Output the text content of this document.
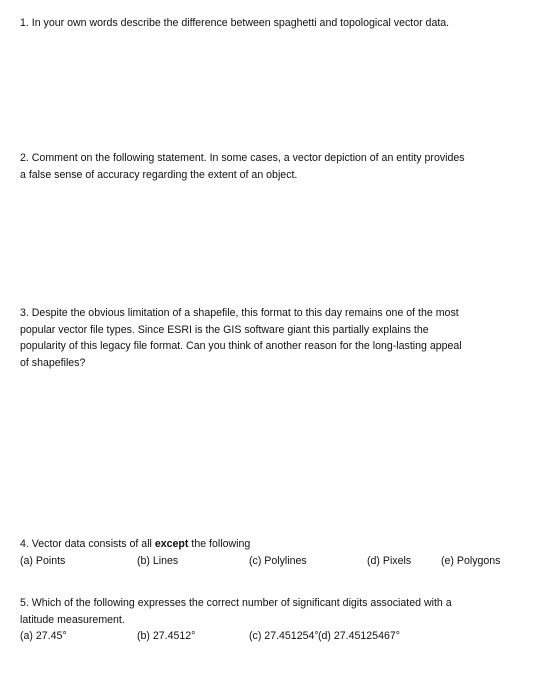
1. In your own words describe the difference between spaghetti and topological vector data.
2. Comment on the following statement. In some cases, a vector depiction of an entity provides
a false sense of accuracy regarding the extent of an object.
3. Despite the obvious limitation of a shapefile, this format to this day remains one of the most
popular vector file types. Since ESRI is the GIS software giant this partially explains the
popularity of this legacy file format. Can you think of another reason for the long-lasting appeal
of shapefiles?
4. Vector data consists of all except the following
(a) Points	(b) Lines	(c) Polylines	(d) Pixels	(e) Polygons
5. Which of the following expresses the correct number of significant digits associated with a
latitude measurement.
(a) 27.45°	(b) 27.4512°	(c) 27.451254° (d) 27.45125467°
